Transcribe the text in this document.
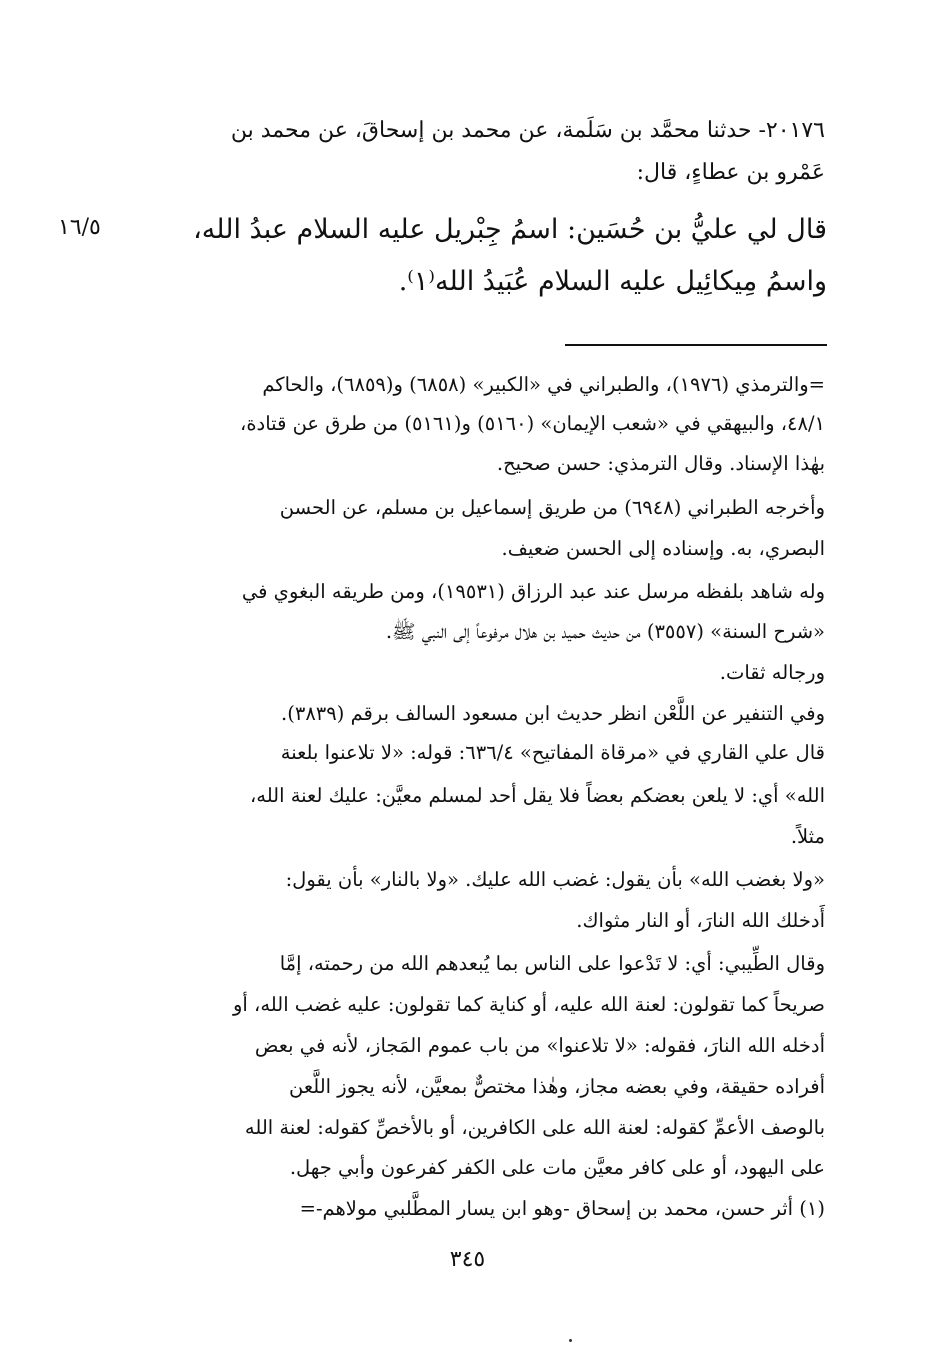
٢٠١٧٦- حدثنا محمَّد بن سَلَمة، عن محمد بن إسحاقَ، عن محمد بن
عَمْرو بن عطاءٍ، قال:
قال لي عليُّ بن حُسَين: اسمُ جِبْريل عليه السلام عبدُ الله،
واسمُ مِيكائِيل عليه السلام عُبَيدُ الله⁽١⁾.
١٦/٥
=والترمذي (١٩٧٦)، والطبراني في «الكبير» (٦٨٥٨) و(٦٨٥٩)، والحاكم
٤٨/١، والبيهقي في «شعب الإيمان» (٥١٦٠) و(٥١٦١) من طرق عن قتادة،
بهٰذا الإسناد. وقال الترمذي: حسن صحيح.
وأخرجه الطبراني (٦٩٤٨) من طريق إسماعيل بن مسلم، عن الحسن
البصري، به. وإسناده إلى الحسن ضعيف.
وله شاهد بلفظه مرسل عند عبد الرزاق (١٩٥٣١)، ومن طريقه البغوي في
«شرح السنة» (٣٥٥٧) من حديث حميد بن هلال مرفوعاً إلى النبي ﷺ.
ورجاله ثقات.
وفي التنفير عن اللَّعْن انظر حديث ابن مسعود السالف برقم (٣٨٣٩).
قال علي القاري في «مرقاة المفاتيح» ٦٣٦/٤: قوله: «لا تلاعنوا بلعنة
الله» أي: لا يلعن بعضكم بعضاً فلا يقل أحد لمسلم معيَّن: عليك لعنة الله،
مثلاً.
«ولا بغضب الله» بأن يقول: غضب الله عليك. «ولا بالنار» بأن يقول:
أَدخلك الله النارَ، أو النار مثواك.
وقال الطِّيبي: أي: لا تَدْعوا على الناس بما يُبعدهم الله من رحمته، إمَّا
صريحاً كما تقولون: لعنة الله عليه، أو كناية كما تقولون: عليه غضب الله، أو
أدخله الله النارَ، فقوله: «لا تلاعنوا» من باب عموم المَجاز، لأنه في بعض
أفراده حقيقة، وفي بعضه مجاز، وهٰذا مختصٌّ بمعيَّن، لأنه يجوز اللَّعن
بالوصف الأعمِّ كقوله: لعنة الله على الكافرين، أو بالأخصِّ كقوله: لعنة الله
على اليهود، أو على كافر معيَّن مات على الكفر كفرعون وأبي جهل.
(١) أثر حسن، محمد بن إسحاق -وهو ابن يسار المطَّلبي مولاهم-=
٣٤٥
